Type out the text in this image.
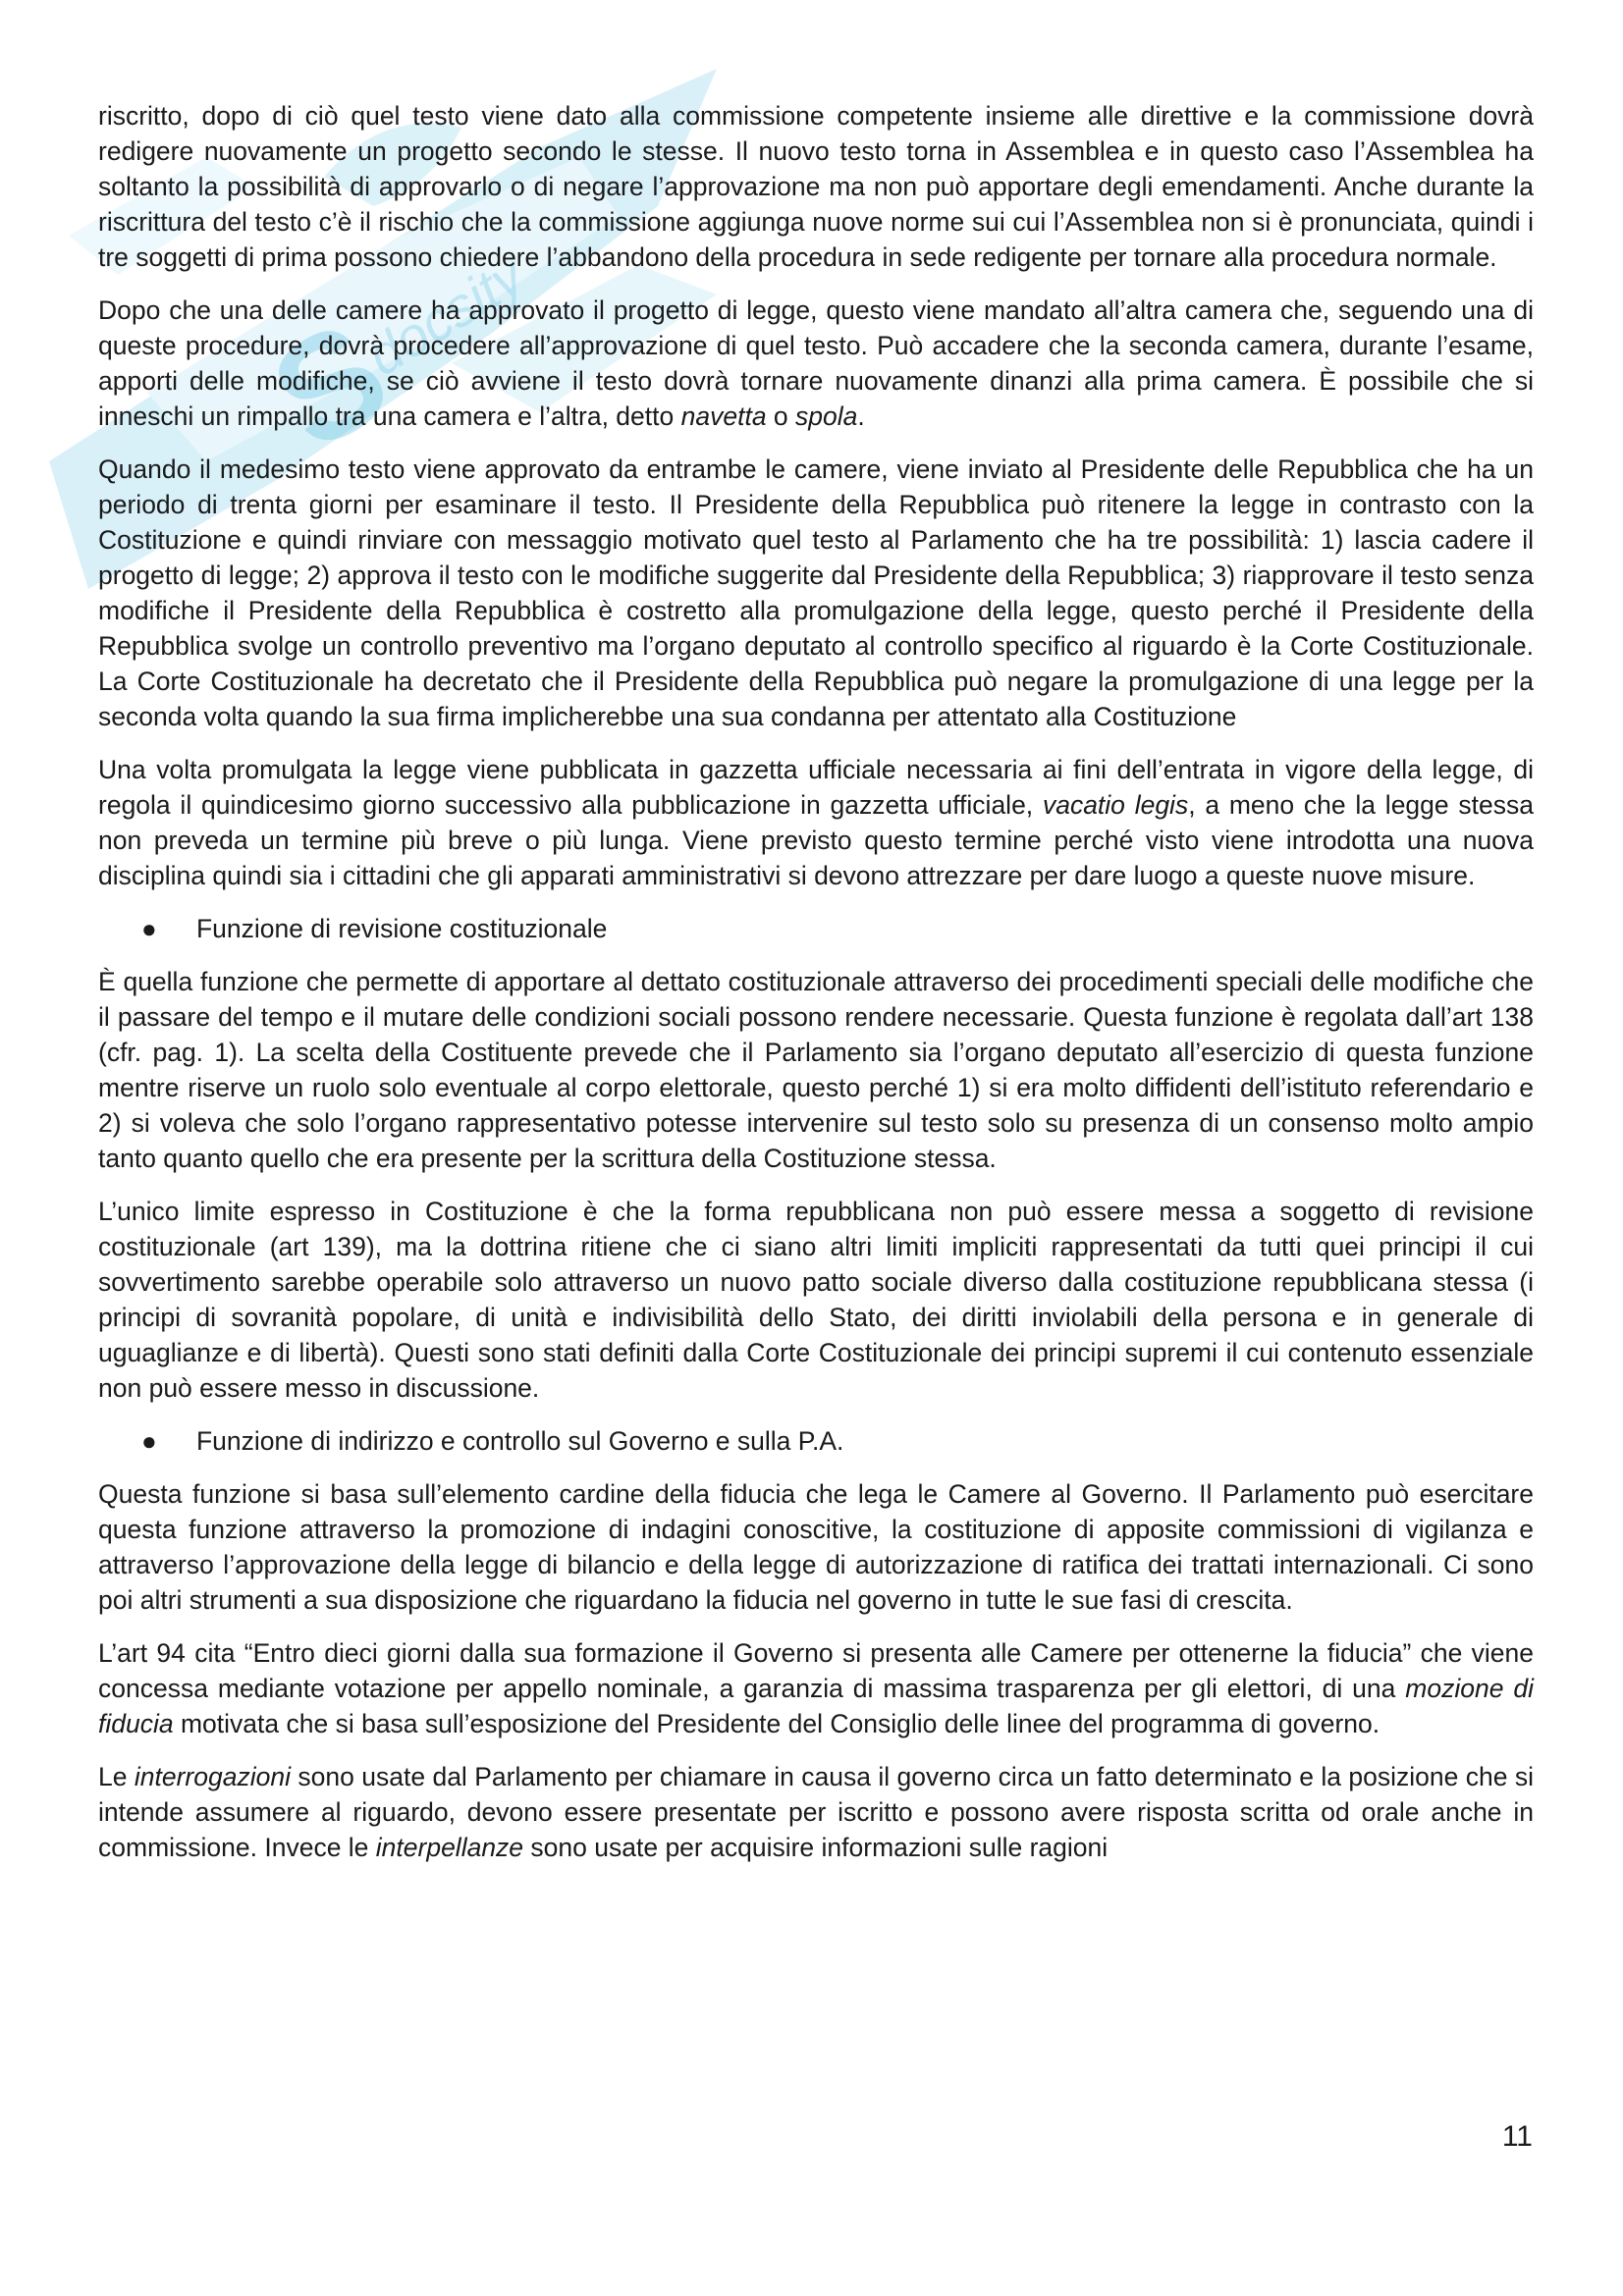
S
docsity

riscritto, dopo di ciò quel testo viene dato alla commissione competente insieme alle direttive e la commissione dovrà redigere nuovamente un progetto secondo le stesse. Il nuovo testo torna in Assemblea e in questo caso l’Assemblea ha soltanto la possibilità di approvarlo o di negare l’approvazione ma non può apportare degli emendamenti. Anche durante la riscrittura del testo c’è il rischio che la commissione aggiunga nuove norme sui cui l’Assemblea non si è pronunciata, quindi i tre soggetti di prima possono chiedere l’abbandono della procedura in sede redigente per tornare alla procedura normale.

Dopo che una delle camere ha approvato il progetto di legge, questo viene mandato all’altra camera che, seguendo una di queste procedure, dovrà procedere all’approvazione di quel testo. Può accadere che la seconda camera, durante l’esame, apporti delle modifiche, se ciò avviene il testo dovrà tornare nuovamente dinanzi alla prima camera. È possibile che si inneschi un rimpallo tra una camera e l’altra, detto navetta o spola.

Quando il medesimo testo viene approvato da entrambe le camere, viene inviato al Presidente delle Repubblica che ha un periodo di trenta giorni per esaminare il testo. Il Presidente della Repubblica può ritenere la legge in contrasto con la Costituzione e quindi rinviare con messaggio motivato quel testo al Parlamento che ha tre possibilità: 1) lascia cadere il progetto di legge; 2) approva il testo con le modifiche suggerite dal Presidente della Repubblica; 3) riapprovare il testo senza modifiche il Presidente della Repubblica è costretto alla promulgazione della legge, questo perché il Presidente della Repubblica svolge un controllo preventivo ma l’organo deputato al controllo specifico al riguardo è la Corte Costituzionale. La Corte Costituzionale ha decretato che il Presidente della Repubblica può negare la promulgazione di una legge per la seconda volta quando la sua firma implicherebbe una sua condanna per attentato alla Costituzione

Una volta promulgata la legge viene pubblicata in gazzetta ufficiale necessaria ai fini dell’entrata in vigore della legge, di regola il quindicesimo giorno successivo alla pubblicazione in gazzetta ufficiale, vacatio legis, a meno che la legge stessa non preveda un termine più breve o più lunga. Viene previsto questo termine perché visto viene introdotta una nuova disciplina quindi sia i cittadini che gli apparati amministrativi si devono attrezzare per dare luogo a queste nuove misure.

●	Funzione di revisione costituzionale

È quella funzione che permette di apportare al dettato costituzionale attraverso dei procedimenti speciali delle modifiche che il passare del tempo e il mutare delle condizioni sociali possono rendere necessarie. Questa funzione è regolata dall’art 138 (cfr. pag. 1). La scelta della Costituente prevede che il Parlamento sia l’organo deputato all’esercizio di questa funzione mentre riserve un ruolo solo eventuale al corpo elettorale, questo perché 1) si era molto diffidenti dell’istituto referendario e 2) si voleva che solo l’organo rappresentativo potesse intervenire sul testo solo su presenza di un consenso molto ampio tanto quanto quello che era presente per la scrittura della Costituzione stessa.

L’unico limite espresso in Costituzione è che la forma repubblicana non può essere messa a soggetto di revisione costituzionale (art 139), ma la dottrina ritiene che ci siano altri limiti impliciti rappresentati da tutti quei principi il cui sovvertimento sarebbe operabile solo attraverso un nuovo patto sociale diverso dalla costituzione repubblicana stessa (i principi di sovranità popolare, di unità e indivisibilità dello Stato, dei diritti inviolabili della persona e in generale di uguaglianze e di libertà). Questi sono stati definiti dalla Corte Costituzionale dei principi supremi il cui contenuto essenziale non può essere messo in discussione.

●	Funzione di indirizzo e controllo sul Governo e sulla P.A.

Questa funzione si basa sull’elemento cardine della fiducia che lega le Camere al Governo. Il Parlamento può esercitare questa funzione attraverso la promozione di indagini conoscitive, la costituzione di apposite commissioni di vigilanza e attraverso l’approvazione della legge di bilancio e della legge di autorizzazione di ratifica dei trattati internazionali. Ci sono poi altri strumenti a sua disposizione che riguardano la fiducia nel governo in tutte le sue fasi di crescita.

L’art 94 cita “Entro dieci giorni dalla sua formazione il Governo si presenta alle Camere per ottenerne la fiducia” che viene concessa mediante votazione per appello nominale, a garanzia di massima trasparenza per gli elettori, di una mozione di fiducia motivata che si basa sull’esposizione del Presidente del Consiglio delle linee del programma di governo.

Le interrogazioni sono usate dal Parlamento per chiamare in causa il governo circa un fatto determinato e la posizione che si intende assumere al riguardo, devono essere presentate per iscritto e possono avere risposta scritta od orale anche in commissione. Invece le interpellanze sono usate per acquisire informazioni sulle ragioni

11
